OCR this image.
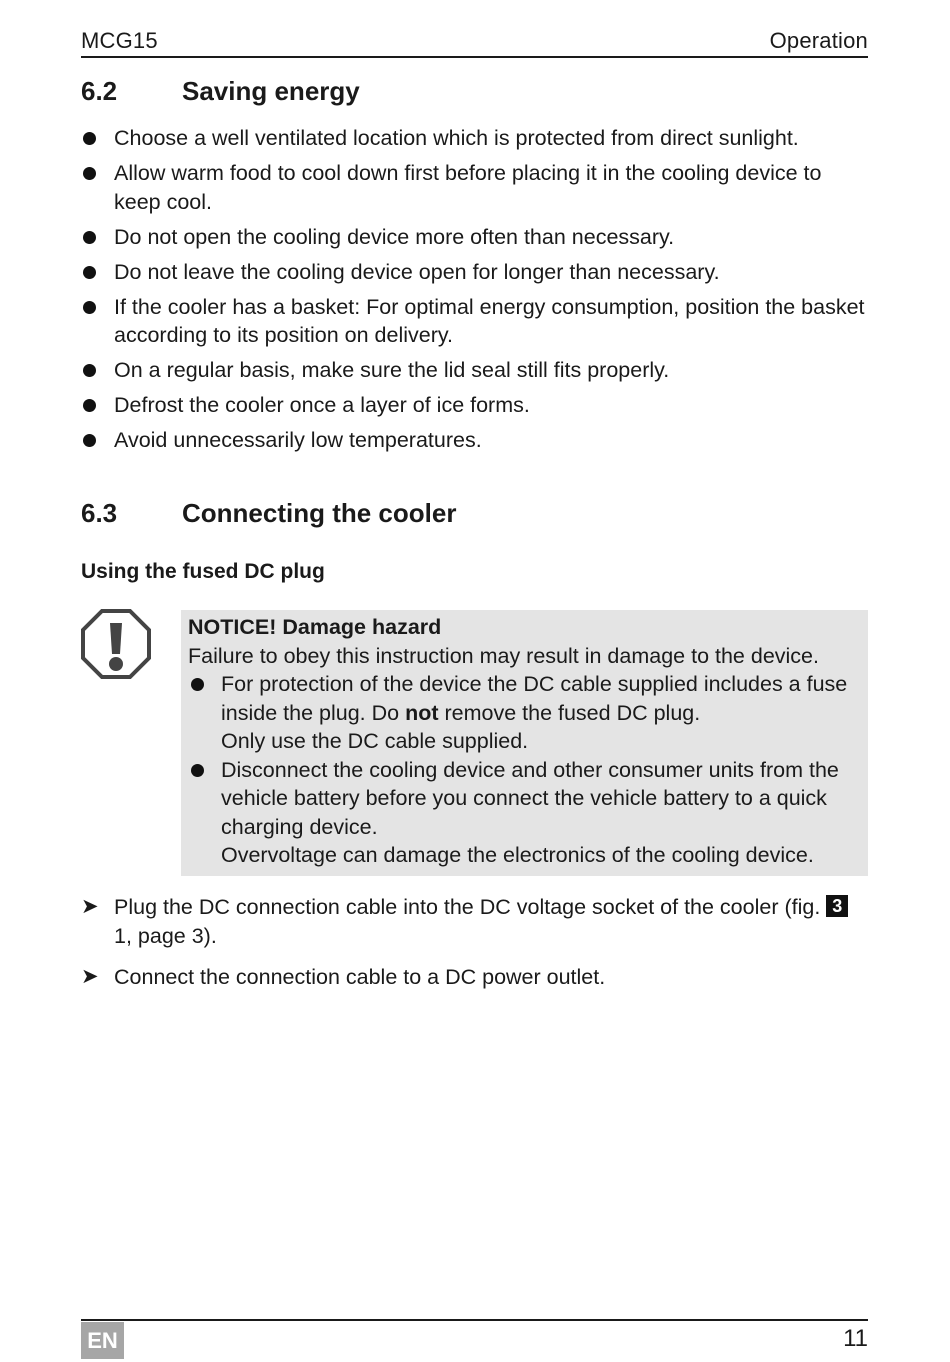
MCG15	Operation
6.2 Saving energy
Choose a well ventilated location which is protected from direct sunlight.
Allow warm food to cool down first before placing it in the cooling device to keep cool.
Do not open the cooling device more often than necessary.
Do not leave the cooling device open for longer than necessary.
If the cooler has a basket: For optimal energy consumption, position the basket according to its position on delivery.
On a regular basis, make sure the lid seal still fits properly.
Defrost the cooler once a layer of ice forms.
Avoid unnecessarily low temperatures.
6.3 Connecting the cooler
Using the fused DC plug
NOTICE! Damage hazard
Failure to obey this instruction may result in damage to the device.
For protection of the device the DC cable supplied includes a fuse inside the plug. Do not remove the fused DC plug.
Only use the DC cable supplied.
Disconnect the cooling device and other consumer units from the vehicle battery before you connect the vehicle battery to a quick charging device.
Overvoltage can damage the electronics of the cooling device.
➤ Plug the DC connection cable into the DC voltage socket of the cooler (fig. 3 1, page 3).
➤ Connect the connection cable to a DC power outlet.
EN	11
